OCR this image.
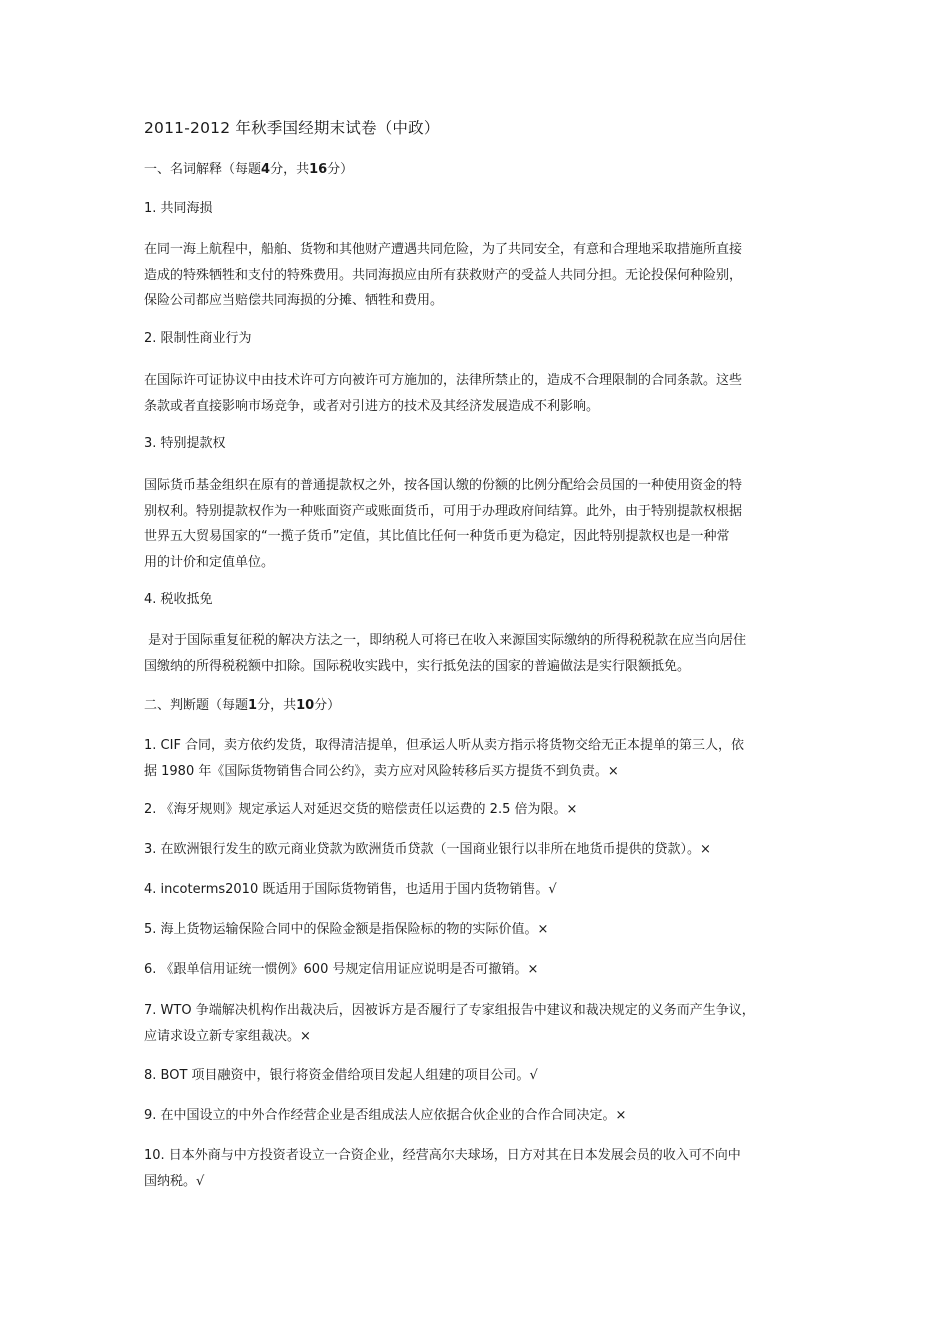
2011-2012 年秋季国经期末试卷（中政）
一、名词解释（每题4分，共16分）
1. 共同海损
在同一海上航程中，船舶、货物和其他财产遭遇共同危险，为了共同安全，有意和合理地采取措施所直接
造成的特殊牺牲和支付的特殊费用。共同海损应由所有获救财产的受益人共同分担。无论投保何种险别，
保险公司都应当赔偿共同海损的分摊、牺牲和费用。
2. 限制性商业行为
在国际许可证协议中由技术许可方向被许可方施加的，法律所禁止的，造成不合理限制的合同条款。这些
条款或者直接影响市场竞争，或者对引进方的技术及其经济发展造成不利影响。
3. 特别提款权
国际货币基金组织在原有的普通提款权之外，按各国认缴的份额的比例分配给会员国的一种使用资金的特
别权利。特别提款权作为一种账面资产或账面货币，可用于办理政府间结算。此外，由于特别提款权根据
世界五大贸易国家的“一揽子货币”定值，其比值比任何一种货币更为稳定，因此特别提款权也是一种常
用的计价和定值单位。
4. 税收抵免
是对于国际重复征税的解决方法之一，即纳税人可将已在收入来源国实际缴纳的所得税税款在应当向居住
国缴纳的所得税税额中扣除。国际税收实践中，实行抵免法的国家的普遍做法是实行限额抵免。
二、判断题（每题1分，共10分）
1. CIF 合同，卖方依约发货，取得清洁提单，但承运人听从卖方指示将货物交给无正本提单的第三人，依
据 1980 年《国际货物销售合同公约》，卖方应对风险转移后买方提货不到负责。×
2. 《海牙规则》规定承运人对延迟交货的赔偿责任以运费的 2.5 倍为限。×
3. 在欧洲银行发生的欧元商业贷款为欧洲货币贷款（一国商业银行以非所在地货币提供的贷款）。×
4. incoterms2010 既适用于国际货物销售，也适用于国内货物销售。√
5. 海上货物运输保险合同中的保险金额是指保险标的物的实际价值。×
6. 《跟单信用证统一惯例》600 号规定信用证应说明是否可撤销。×
7. WTO 争端解决机构作出裁决后，因被诉方是否履行了专家组报告中建议和裁决规定的义务而产生争议，
应请求设立新专家组裁决。×
8. BOT 项目融资中，银行将资金借给项目发起人组建的项目公司。√
9. 在中国设立的中外合作经营企业是否组成法人应依据合伙企业的合作合同决定。×
10. 日本外商与中方投资者设立一合资企业，经营高尔夫球场，日方对其在日本发展会员的收入可不向中
国纳税。√
